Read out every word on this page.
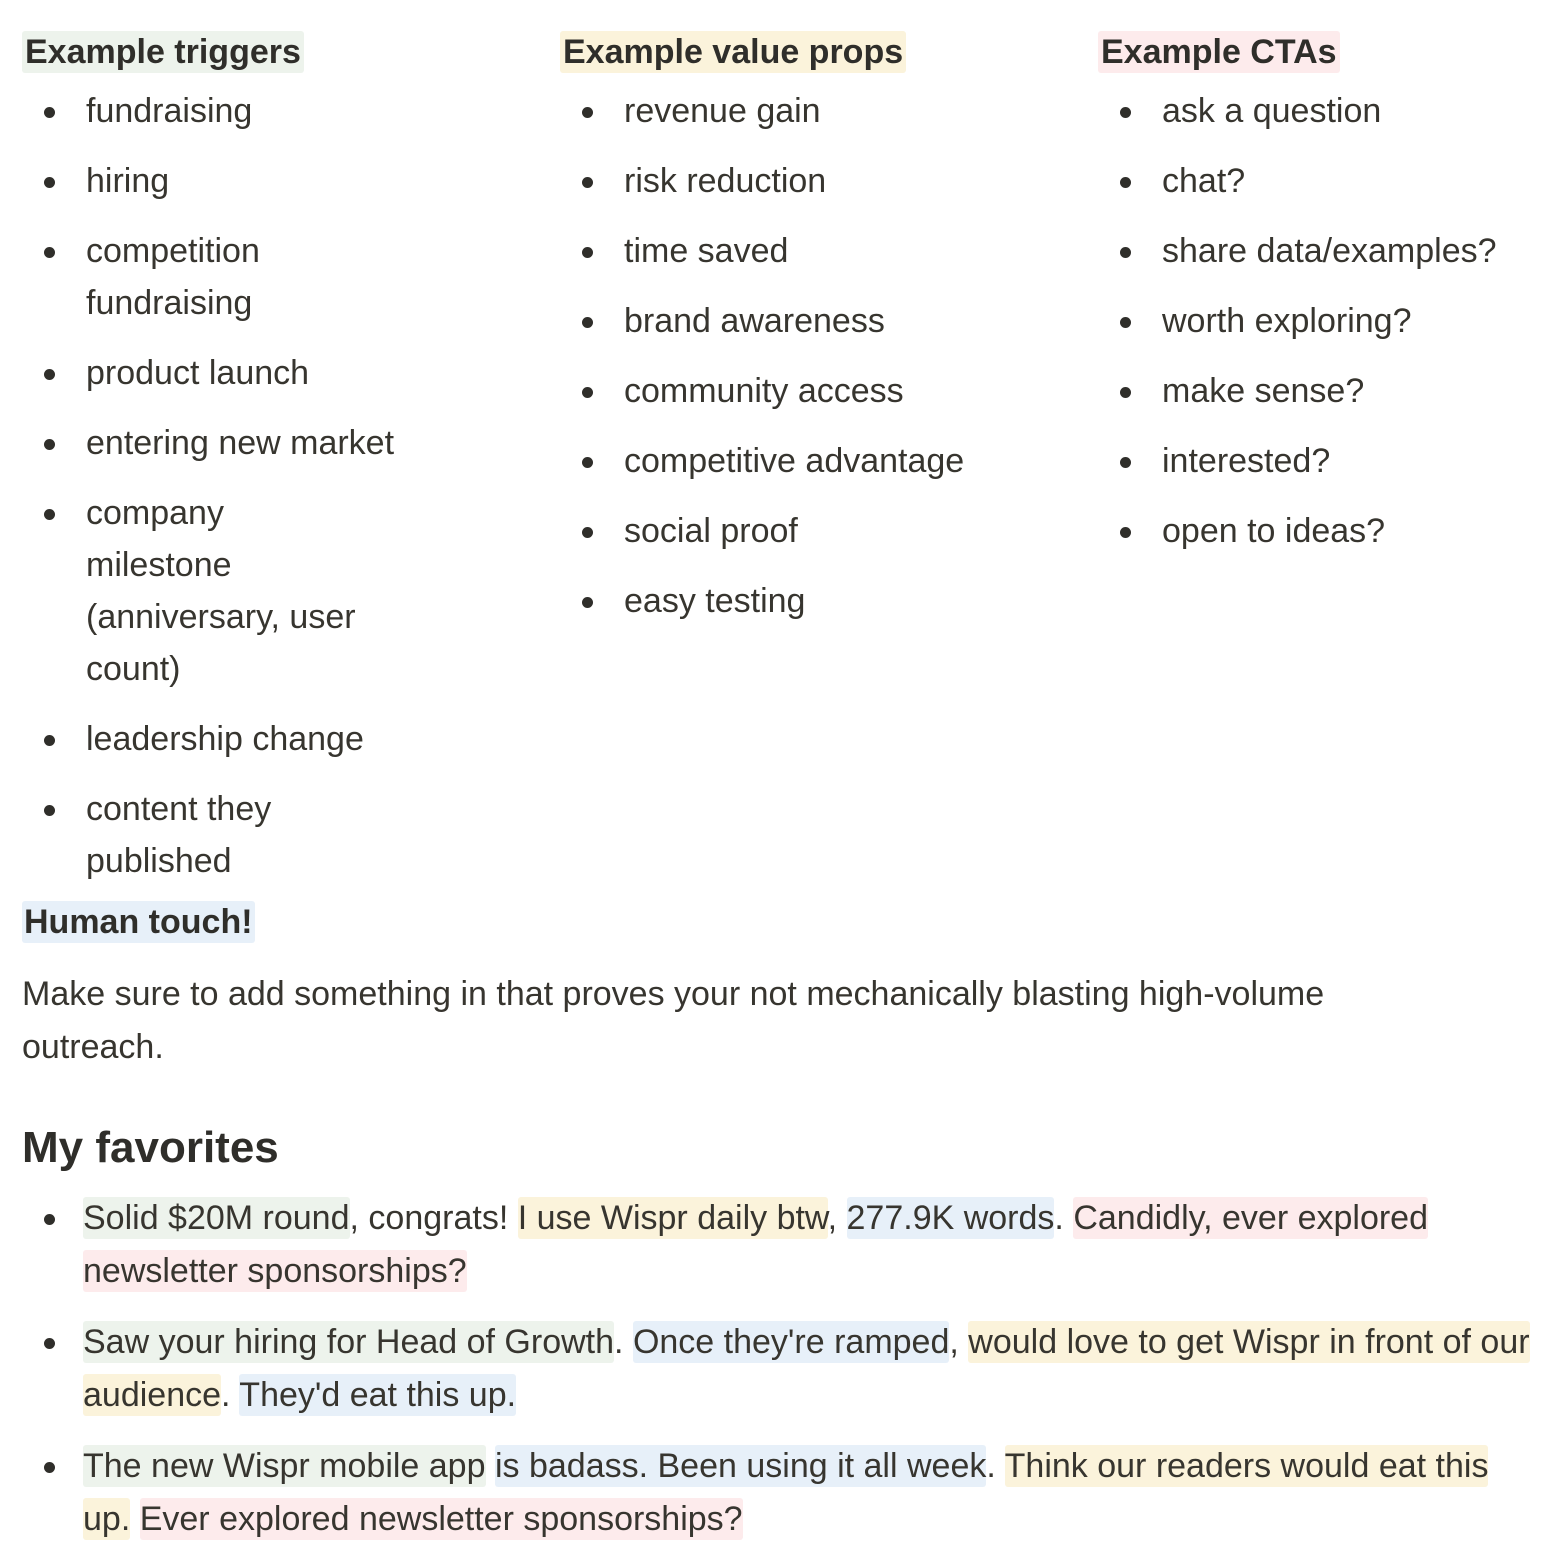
Example triggers
fundraising
hiring
competition fundraising
product launch
entering new market
company milestone (anniversary, user count)
leadership change
content they published
Example value props
revenue gain
risk reduction
time saved
brand awareness
community access
competitive advantage
social proof
easy testing
Example CTAs
ask a question
chat?
share data/examples?
worth exploring?
make sense?
interested?
open to ideas?
Human touch!
Make sure to add something in that proves your not mechanically blasting high-volume outreach.
My favorites
Solid $20M round, congrats! I use Wispr daily btw, 277.9K words. Candidly, ever explored newsletter sponsorships?
Saw your hiring for Head of Growth. Once they're ramped, would love to get Wispr in front of our audience. They'd eat this up.
The new Wispr mobile app is badass. Been using it all week. Think our readers would eat this up. Ever explored newsletter sponsorships?
